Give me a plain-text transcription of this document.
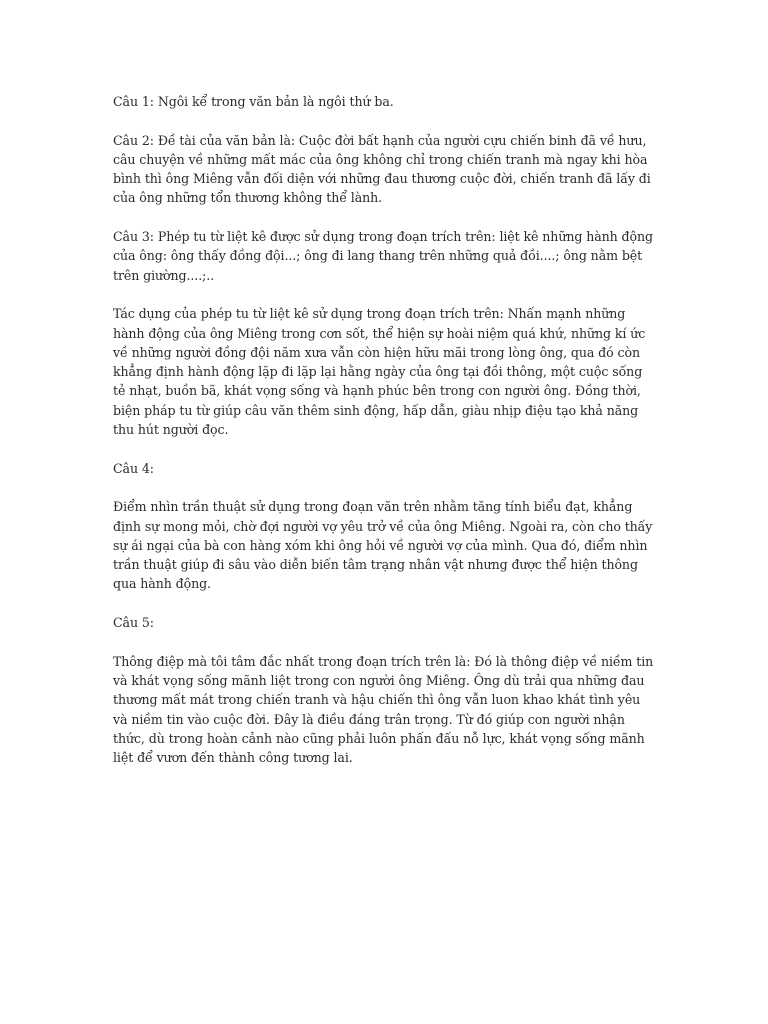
Câu 1: Ngôi kể trong văn bản là ngôi thứ ba.

Câu 2: Đề tài của văn bản là: Cuộc đời bất hạnh của người cựu chiến binh đã về hưu, câu chuyện về những mất mác của ông không chỉ trong chiến tranh mà ngay khi hòa bình thì ông Miêng vẫn đối diện với những đau thương cuộc đời, chiến tranh đã lấy đi của ông những tổn thương không thể lành.

Câu 3: Phép tu từ liệt kê được sử dụng trong đoạn trích trên: liệt kê những hành động của ông: ông thấy đồng đội...; ông đi lang thang trên những quả đồi....; ông nằm bệt trên giường....;..

Tác dụng của phép tu từ liệt kê sử dụng trong đoạn trích trên: Nhấn mạnh những hành động của ông Miêng trong cơn sốt, thể hiện sự hoài niệm quá khứ, những kí ức về những người đồng đội năm xưa vẫn còn hiện hữu mãi trong lòng ông, qua đó còn khẳng định hành động lặp đi lặp lại hằng ngày của ông tại đồi thông, một cuộc sống tẻ nhạt, buồn bã, khát vọng sống và hạnh phúc bên trong con người ông. Đồng thời, biện pháp tu từ giúp câu văn thêm sinh động, hấp dẫn, giàu nhịp điệu tạo khả năng thu hút người đọc.

Câu 4:

Điểm nhìn trần thuật sử dụng trong đoạn văn trên nhằm tăng tính biểu đạt, khẳng định sự mong mỏi, chờ đợi người vợ yêu trở về của ông Miêng. Ngoài ra, còn cho thấy sự ái ngại của bà con hàng xóm khi ông hỏi về người vợ của mình. Qua đó, điểm nhìn trần thuật giúp đi sâu vào diễn biến tâm trạng nhân vật nhưng được thể hiện thông qua hành động.

Câu 5:

Thông điệp mà tôi tâm đắc nhất trong đoạn trích trên là: Đó là thông điệp về niềm tin và khát vọng sống mãnh liệt trong con người ông Miêng. Ông dù trải qua những đau thương mất mát trong chiến tranh và hậu chiến thì ông vẫn luon khao khát tình yêu và niềm tin vào cuộc đời. Đây là điều đáng trân trọng. Từ đó giúp con người nhận thức, dù trong hoàn cảnh nào cũng phải luôn phấn đấu nỗ lực, khát vọng sống mãnh liệt để vươn đến thành công tương lai.
